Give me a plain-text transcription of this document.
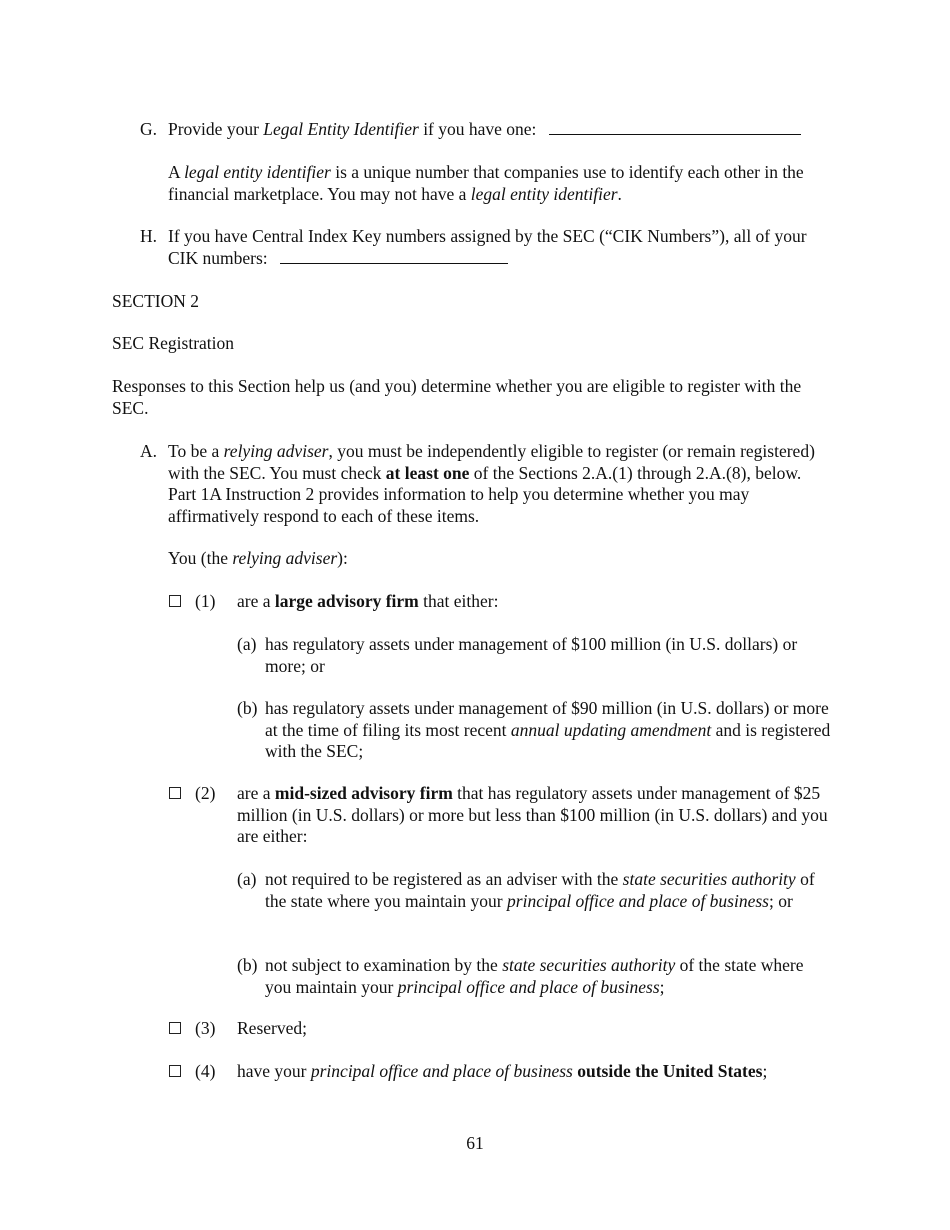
G. Provide your Legal Entity Identifier if you have one:
A legal entity identifier is a unique number that companies use to identify each other in the financial marketplace. You may not have a legal entity identifier.
H. If you have Central Index Key numbers assigned by the SEC (“CIK Numbers”), all of your CIK numbers:
SECTION 2
SEC Registration
Responses to this Section help us (and you) determine whether you are eligible to register with the SEC.
A. To be a relying adviser, you must be independently eligible to register (or remain registered) with the SEC. You must check at least one of the Sections 2.A.(1) through 2.A.(8), below. Part 1A Instruction 2 provides information to help you determine whether you may affirmatively respond to each of these items.
You (the relying adviser):
(1) are a large advisory firm that either:
(a) has regulatory assets under management of $100 million (in U.S. dollars) or more; or
(b) has regulatory assets under management of $90 million (in U.S. dollars) or more at the time of filing its most recent annual updating amendment and is registered with the SEC;
(2) are a mid-sized advisory firm that has regulatory assets under management of $25 million (in U.S. dollars) or more but less than $100 million (in U.S. dollars) and you are either:
(a) not required to be registered as an adviser with the state securities authority of the state where you maintain your principal office and place of business; or
(b) not subject to examination by the state securities authority of the state where you maintain your principal office and place of business;
(3) Reserved;
(4) have your principal office and place of business outside the United States;
61
